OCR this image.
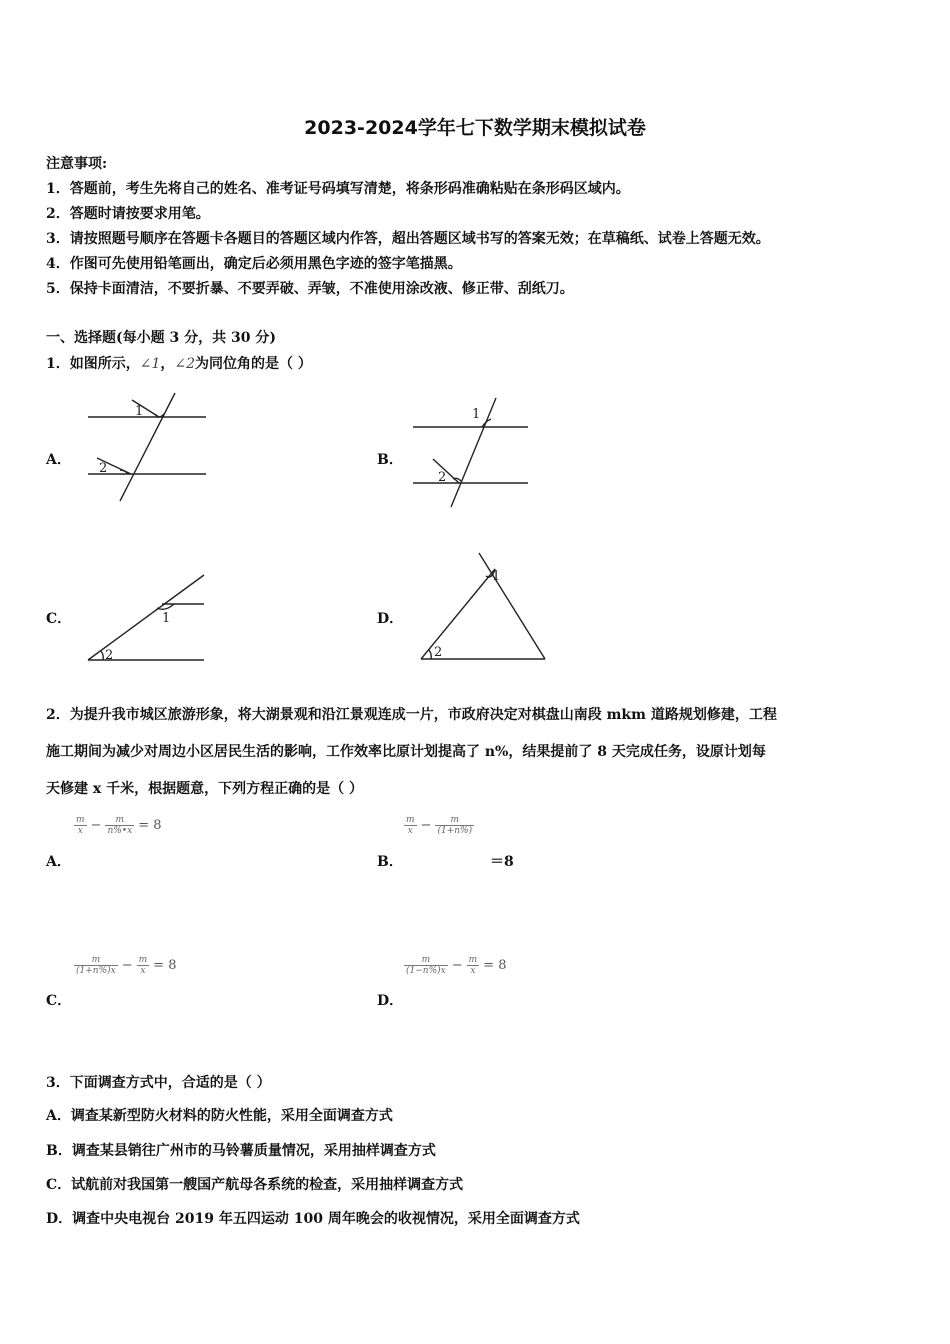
2023-2024学年七下数学期末模拟试卷
注意事项:
1．答题前，考生先将自己的姓名、准考证号码填写清楚，将条形码准确粘贴在条形码区域内。
2．答题时请按要求用笔。
3．请按照题号顺序在答题卡各题目的答题区域内作答，超出答题区域书写的答案无效；在草稿纸、试卷上答题无效。
4．作图可先使用铅笔画出，确定后必须用黑色字迹的签字笔描黑。
5．保持卡面清洁，不要折暴、不要弄破、弄皱，不准使用涂改液、修正带、刮纸刀。
一、选择题(每小题 3 分，共 30 分)
1．如图所示，∠1，∠2为同位角的是（ ）
A．
1
2
B．
1
2
C．	1
2
D．
1
2
2．为提升我市城区旅游形象，将大湖景观和沿江景观连成一片，市政府决定对棋盘山南段 mkm 道路规划修建，工程
施工期间为减少对周边小区居民生活的影响，工作效率比原计划提高了 n%，结果提前了 8 天完成任务，设原计划每
天修建 x 千米，根据题意，下列方程正确的是（ ）
$\frac{m}{x} - \frac{m}{n\%•x} = 8$
A．
$\frac{m}{x} - \frac{m}{(1+n\%)}$
B．	＝8
$\frac{m}{(1+n\%)x} - \frac{m}{x} = 8$
C．
$\frac{m}{(1-n\%)x} - \frac{m}{x} = 8$
D．
3．下面调查方式中，合适的是（ ）
A．调查某新型防火材料的防火性能，采用全面调查方式
B．调查某县销往广州市的马铃薯质量情况，采用抽样调查方式
C．试航前对我国第一艘国产航母各系统的检查，采用抽样调查方式
D．调查中央电视台 2019 年五四运动 100 周年晚会的收视情况，采用全面调查方式
